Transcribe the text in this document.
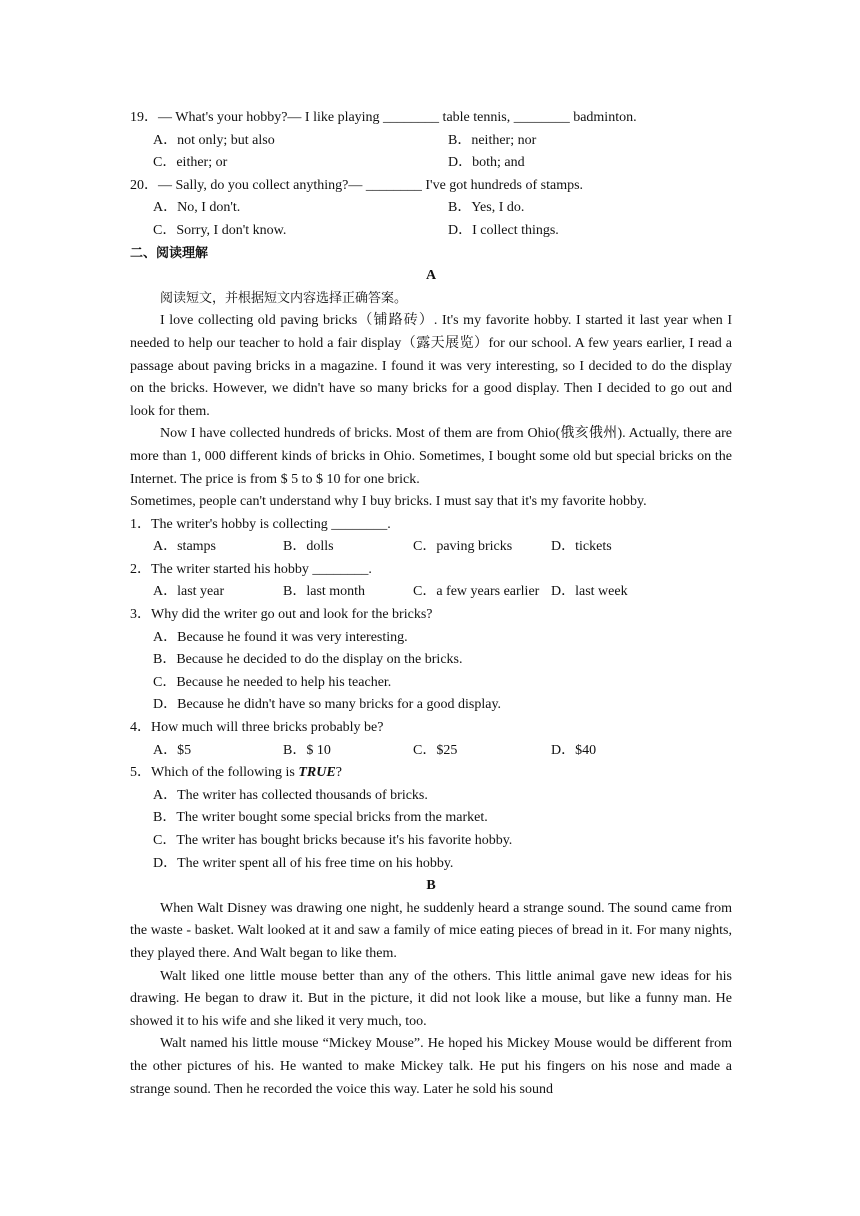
19．— What's your hobby?— I like playing ________ table tennis, ________ badminton.
A．not only; but also	B．neither; nor
C．either; or	D．both; and
20．— Sally, do you collect anything?— ________ I've got hundreds of stamps.
A．No, I don't.	B．Yes, I do.
C．Sorry, I don't know.	D．I collect things.
二、阅读理解
A

阅读短文，并根据短文内容选择正确答案。

I love collecting old paving bricks（铺路砖）. It's my favorite hobby. I started it last year when I needed to help our teacher to hold a fair display（露天展览）for our school. A few years earlier, I read a passage about paving bricks in a magazine. I found it was very interesting, so I decided to do the display on the bricks. However, we didn't have so many bricks for a good display. Then I decided to go out and look for them.

Now I have collected hundreds of bricks. Most of them are from Ohio(俄亥俄州). Actually, there are more than 1, 000 different kinds of bricks in Ohio. Sometimes, I bought some old but special bricks on the Internet. The price is from $ 5 to $ 10 for one brick.

Sometimes, people can't understand why I buy bricks. I must say that it's my favorite hobby.

1．The writer's hobby is collecting ________.
A．stamps	B．dolls	C．paving bricks	D．tickets
2．The writer started his hobby ________.
A．last year	B．last month	C．a few years earlier D．last week
3．Why did the writer go out and look for the bricks?
A．Because he found it was very interesting.
B．Because he decided to do the display on the bricks.
C．Because he needed to help his teacher.
D．Because he didn't have so many bricks for a good display.
4．How much will three bricks probably be?
A．$5	B．$ 10	C．$25	D．$40
5．Which of the following is TRUE?
A．The writer has collected thousands of bricks.
B．The writer bought some special bricks from the market.
C．The writer has bought bricks because it's his favorite hobby.
D．The writer spent all of his free time on his hobby.
B

When Walt Disney was drawing one night, he suddenly heard a strange sound. The sound came from the waste - basket. Walt looked at it and saw a family of mice eating pieces of bread in it. For many nights, they played there. And Walt began to like them.

Walt liked one little mouse better than any of the others. This little animal gave new ideas for his drawing. He began to draw it. But in the picture, it did not look like a mouse, but like a funny man. He showed it to his wife and she liked it very much, too.

Walt named his little mouse “Mickey Mouse”. He hoped his Mickey Mouse would be different from the other pictures of his. He wanted to make Mickey talk. He put his fingers on his nose and made a strange sound. Then he recorded the voice this way. Later he sold his sound
